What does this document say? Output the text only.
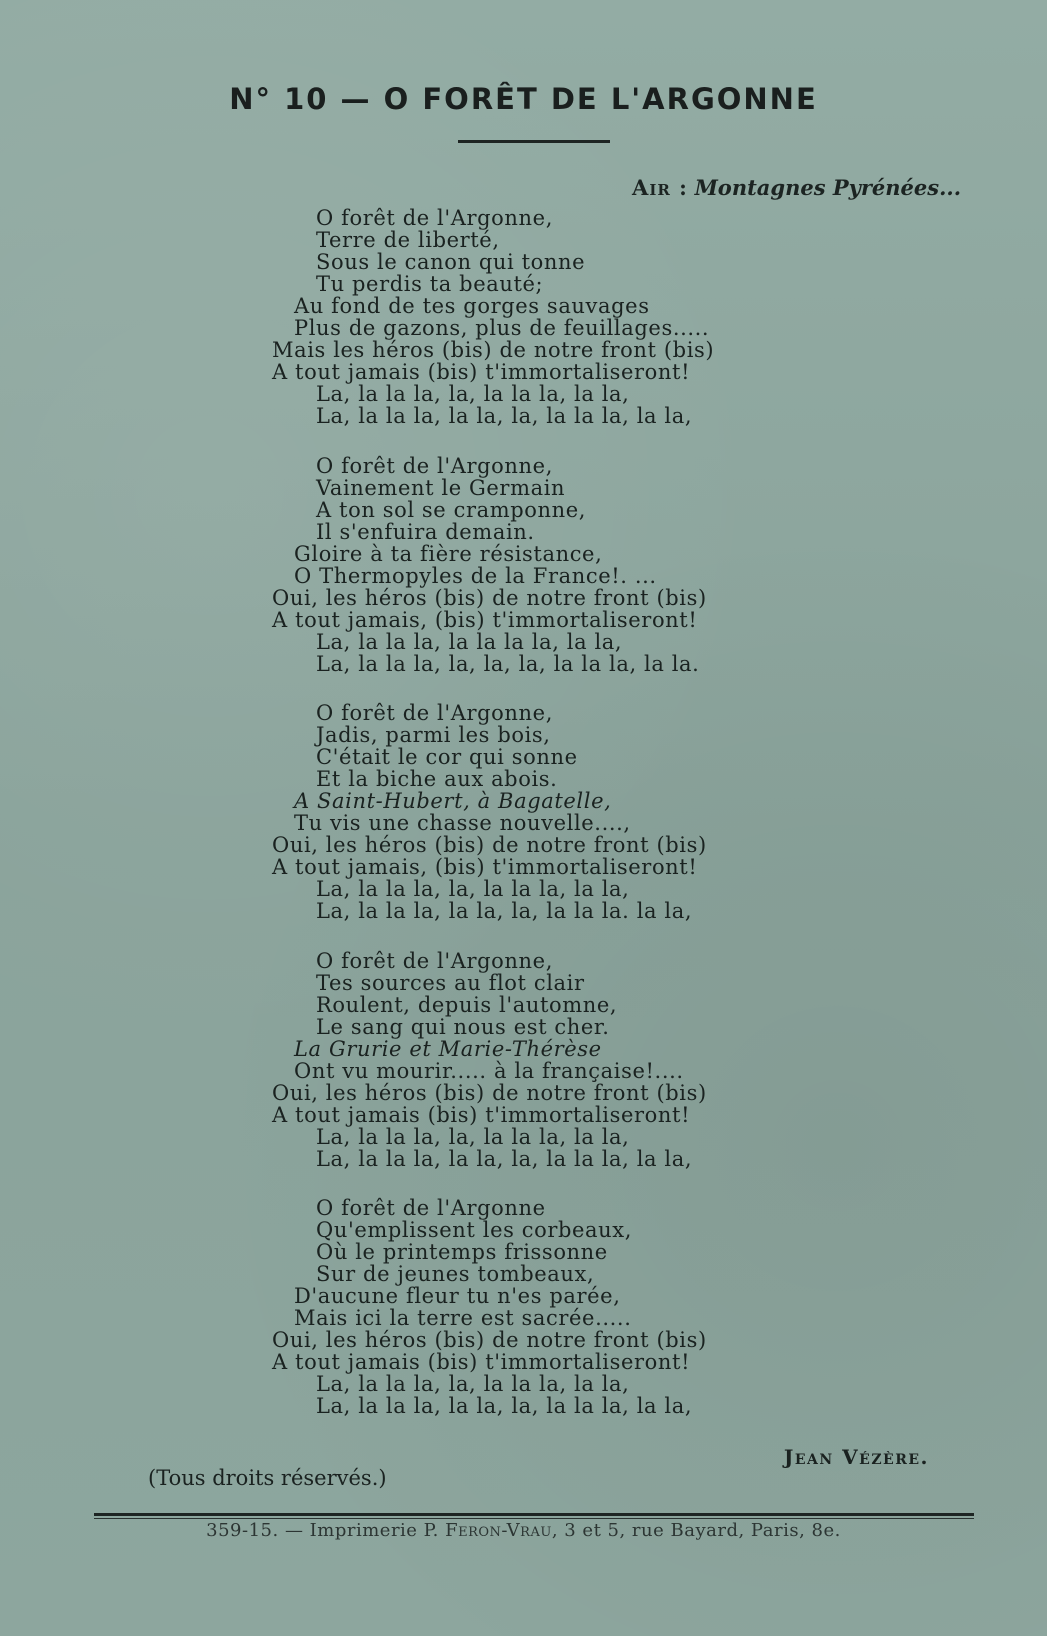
N° 10 — O FORÊT DE L'ARGONNE
Air : Montagnes Pyrénées...
O forêt de l'Argonne,
Terre de liberté,
Sous le canon qui tonne
Tu perdis ta beauté;
Au fond de tes gorges sauvages
Plus de gazons, plus de feuillages.....
Mais les héros (bis) de notre front (bis)
A tout jamais (bis) t'immortaliseront!
La, la la la, la, la la la, la la,
La, la la la, la la, la, la la la, la la,
O forêt de l'Argonne,
Vainement le Germain
A ton sol se cramponne,
Il s'enfuira demain.
Gloire à ta fière résistance,
O Thermopyles de la France!. ...
Oui, les héros (bis) de notre front (bis)
A tout jamais, (bis) t'immortaliseront!
La, la la la, la la la la, la la,
La, la la la, la, la, la, la la la, la la.
O forêt de l'Argonne,
Jadis, parmi les bois,
C'était le cor qui sonne
Et la biche aux abois.
A Saint-Hubert, à Bagatelle,
Tu vis une chasse nouvelle....,
Oui, les héros (bis) de notre front (bis)
A tout jamais, (bis) t'immortaliseront!
La, la la la, la, la la la, la la,
La, la la la, la la, la, la la la. la la,
O forêt de l'Argonne,
Tes sources au flot clair
Roulent, depuis l'automne,
Le sang qui nous est cher.
La Grurie et Marie-Thérèse
Ont vu mourir..... à la française!....
Oui, les héros (bis) de notre front (bis)
A tout jamais (bis) t'immortaliseront!
La, la la la, la, la la la, la la,
La, la la la, la la, la, la la la, la la,
O forêt de l'Argonne
Qu'emplissent les corbeaux,
Où le printemps frissonne
Sur de jeunes tombeaux,
D'aucune fleur tu n'es parée,
Mais ici la terre est sacrée.....
Oui, les héros (bis) de notre front (bis)
A tout jamais (bis) t'immortaliseront!
La, la la la, la, la la la, la la,
La, la la la, la la, la, la la la, la la,
Jean Vézère.
(Tous droits réservés.)
359-15. — Imprimerie P. Feron-Vrau, 3 et 5, rue Bayard, Paris, 8e.
